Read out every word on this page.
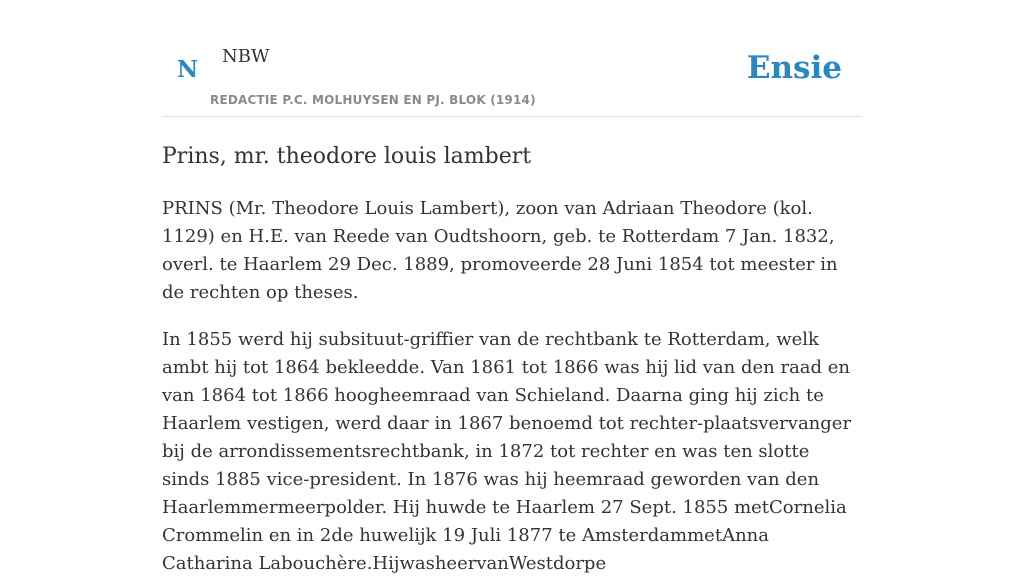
N NBW
REDACTIE P.C. MOLHUYSEN EN PJ. BLOK (1914)
Ensie
Prins, mr. theodore louis lambert

PRINS (Mr. Theodore Louis Lambert), zoon van Adriaan Theodore (kol. 1129) en H.E. van Reede van Oudtshoorn, geb. te Rotterdam 7 Jan. 1832, overl. te Haarlem 29 Dec. 1889, promoveerde 28 Juni 1854 tot meester in de rechten op theses.

In 1855 werd hij subsituut-griffier van de rechtbank te Rotterdam, welk ambt hij tot 1864 bekleedde. Van 1861 tot 1866 was hij lid van den raad en van 1864 tot 1866 hoogheemraad van Schieland. Daarna ging hij zich te Haarlem vestigen, werd daar in 1867 benoemd tot rechter-plaatsvervanger bij de arrondissementsrechtbank, in 1872 tot rechter en was ten slotte sinds 1885 vice-president. In 1876 was hij heemraad geworden van den Haarlemmermeerpolder. Hij huwde te Haarlem 27 Sept. 1855 metCornelia Crommelin en in 2de huwelijk 19 Juli 1877 te AmsterdammetAnna Catharina Labouchère.HijwasheervanWestdorpe
